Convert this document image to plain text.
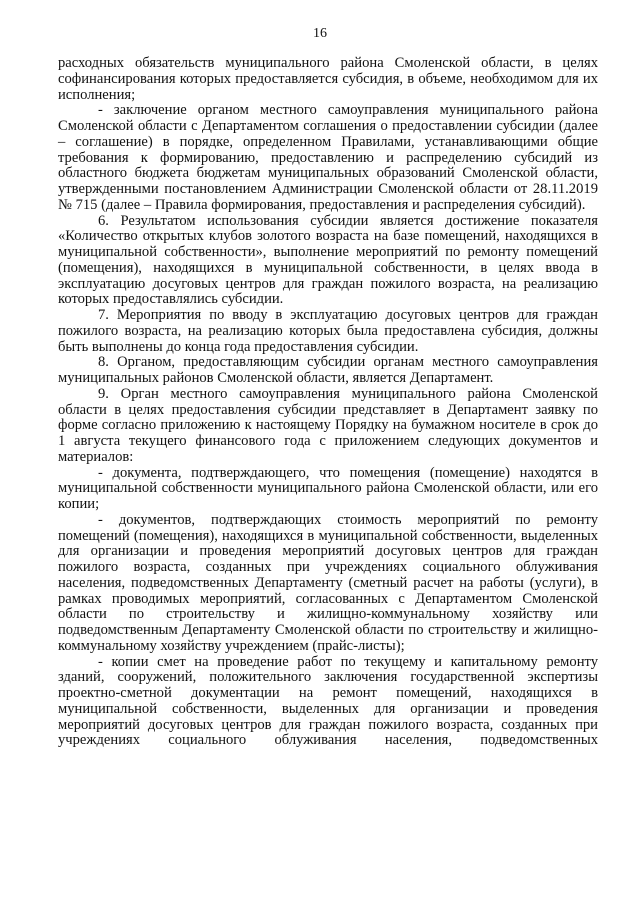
16

расходных обязательств муниципального района Смоленской области, в целях софинансирования которых предоставляется субсидия, в объеме, необходимом для их исполнения;

- заключение органом местного самоуправления муниципального района Смоленской области с Департаментом соглашения о предоставлении субсидии (далее – соглашение) в порядке, определенном Правилами, устанавливающими общие требования к формированию, предоставлению и распределению субсидий из областного бюджета бюджетам муниципальных образований Смоленской области, утвержденными постановлением Администрации Смоленской области от 28.11.2019 № 715 (далее – Правила формирования, предоставления и распределения субсидий).

6. Результатом использования субсидии является достижение показателя «Количество открытых клубов золотого возраста на базе помещений, находящихся в муниципальной собственности», выполнение мероприятий по ремонту помещений (помещения), находящихся в муниципальной собственности, в целях ввода в эксплуатацию досуговых центров для граждан пожилого возраста, на реализацию которых предоставлялись субсидии.

7. Мероприятия по вводу в эксплуатацию досуговых центров для граждан пожилого возраста, на реализацию которых была предоставлена субсидия, должны быть выполнены до конца года предоставления субсидии.

8. Органом, предоставляющим субсидии органам местного самоуправления муниципальных районов Смоленской области, является Департамент.

9. Орган местного самоуправления муниципального района Смоленской области в целях предоставления субсидии представляет в Департамент заявку по форме согласно приложению к настоящему Порядку на бумажном носителе в срок до 1 августа текущего финансового года с приложением следующих документов и материалов:

- документа, подтверждающего, что помещения (помещение) находятся в муниципальной собственности муниципального района Смоленской области, или его копии;

- документов, подтверждающих стоимость мероприятий по ремонту помещений (помещения), находящихся в муниципальной собственности, выделенных для организации и проведения мероприятий досуговых центров для граждан пожилого возраста, созданных при учреждениях социального облуживания населения, подведомственных Департаменту (сметный расчет на работы (услуги), в рамках проводимых мероприятий, согласованных с Департаментом Смоленской области по строительству и жилищно-коммунальному хозяйству или подведомственным Департаменту Смоленской области по строительству и жилищно-коммунальному хозяйству учреждением (прайс-листы);

- копии смет на проведение работ по текущему и капитальному ремонту зданий, сооружений, положительного заключения государственной экспертизы проектно-сметной документации на ремонт помещений, находящихся в муниципальной собственности, выделенных для организации и проведения мероприятий досуговых центров для граждан пожилого возраста, созданных при учреждениях социального облуживания населения, подведомственных
